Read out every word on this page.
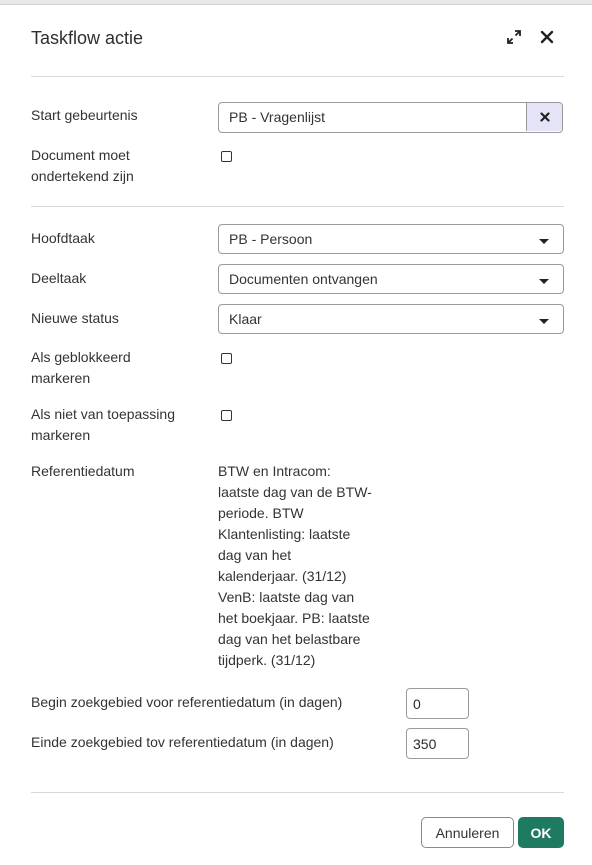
Taskflow actie
Start gebeurtenis	PB - Vragenlijst
Document moet
ondertekend zijn
Hoofdtaak	PB - Persoon
Deeltaak	Documenten ontvangen
Nieuwe status	Klaar
Als geblokkeerd
markeren
Als niet van toepassing
markeren
Referentiedatum	BTW en Intracom:
laatste dag van de BTW-
periode. BTW
Klantenlisting: laatste
dag van het
kalenderjaar. (31/12)
VenB: laatste dag van
het boekjaar. PB: laatste
dag van het belastbare
tijdperk. (31/12)
Begin zoekgebied voor referentiedatum (in dagen)	0
Einde zoekgebied tov referentiedatum (in dagen)	350
Annuleren	OK
